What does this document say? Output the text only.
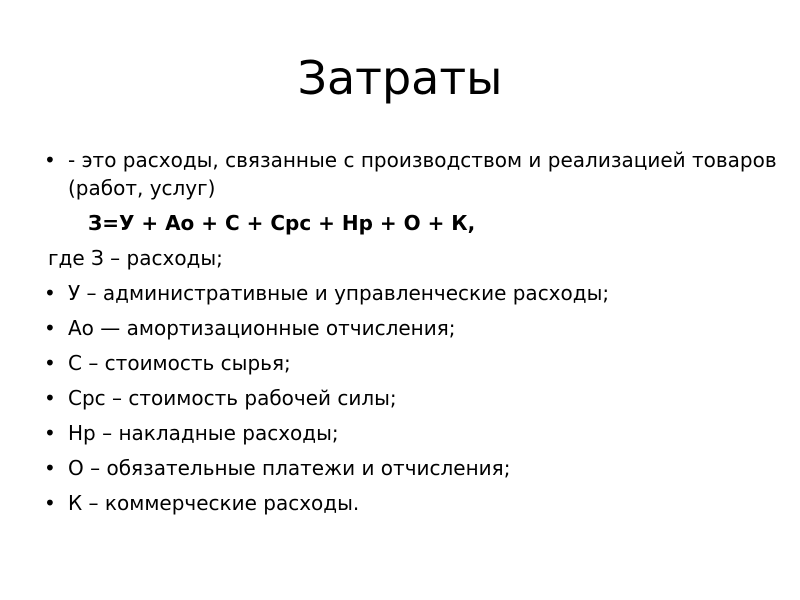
Затраты
• - это расходы, связанные с производством и реализацией товаров (работ, услуг)
З=У + Ао + С + Срс + Нр + О + К,
где З – расходы;
• У – административные и управленческие расходы;
• Ао — амортизационные отчисления;
• С – стоимость сырья;
• Срс – стоимость рабочей силы;
• Нр – накладные расходы;
• О – обязательные платежи и отчисления;
• К – коммерческие расходы.
